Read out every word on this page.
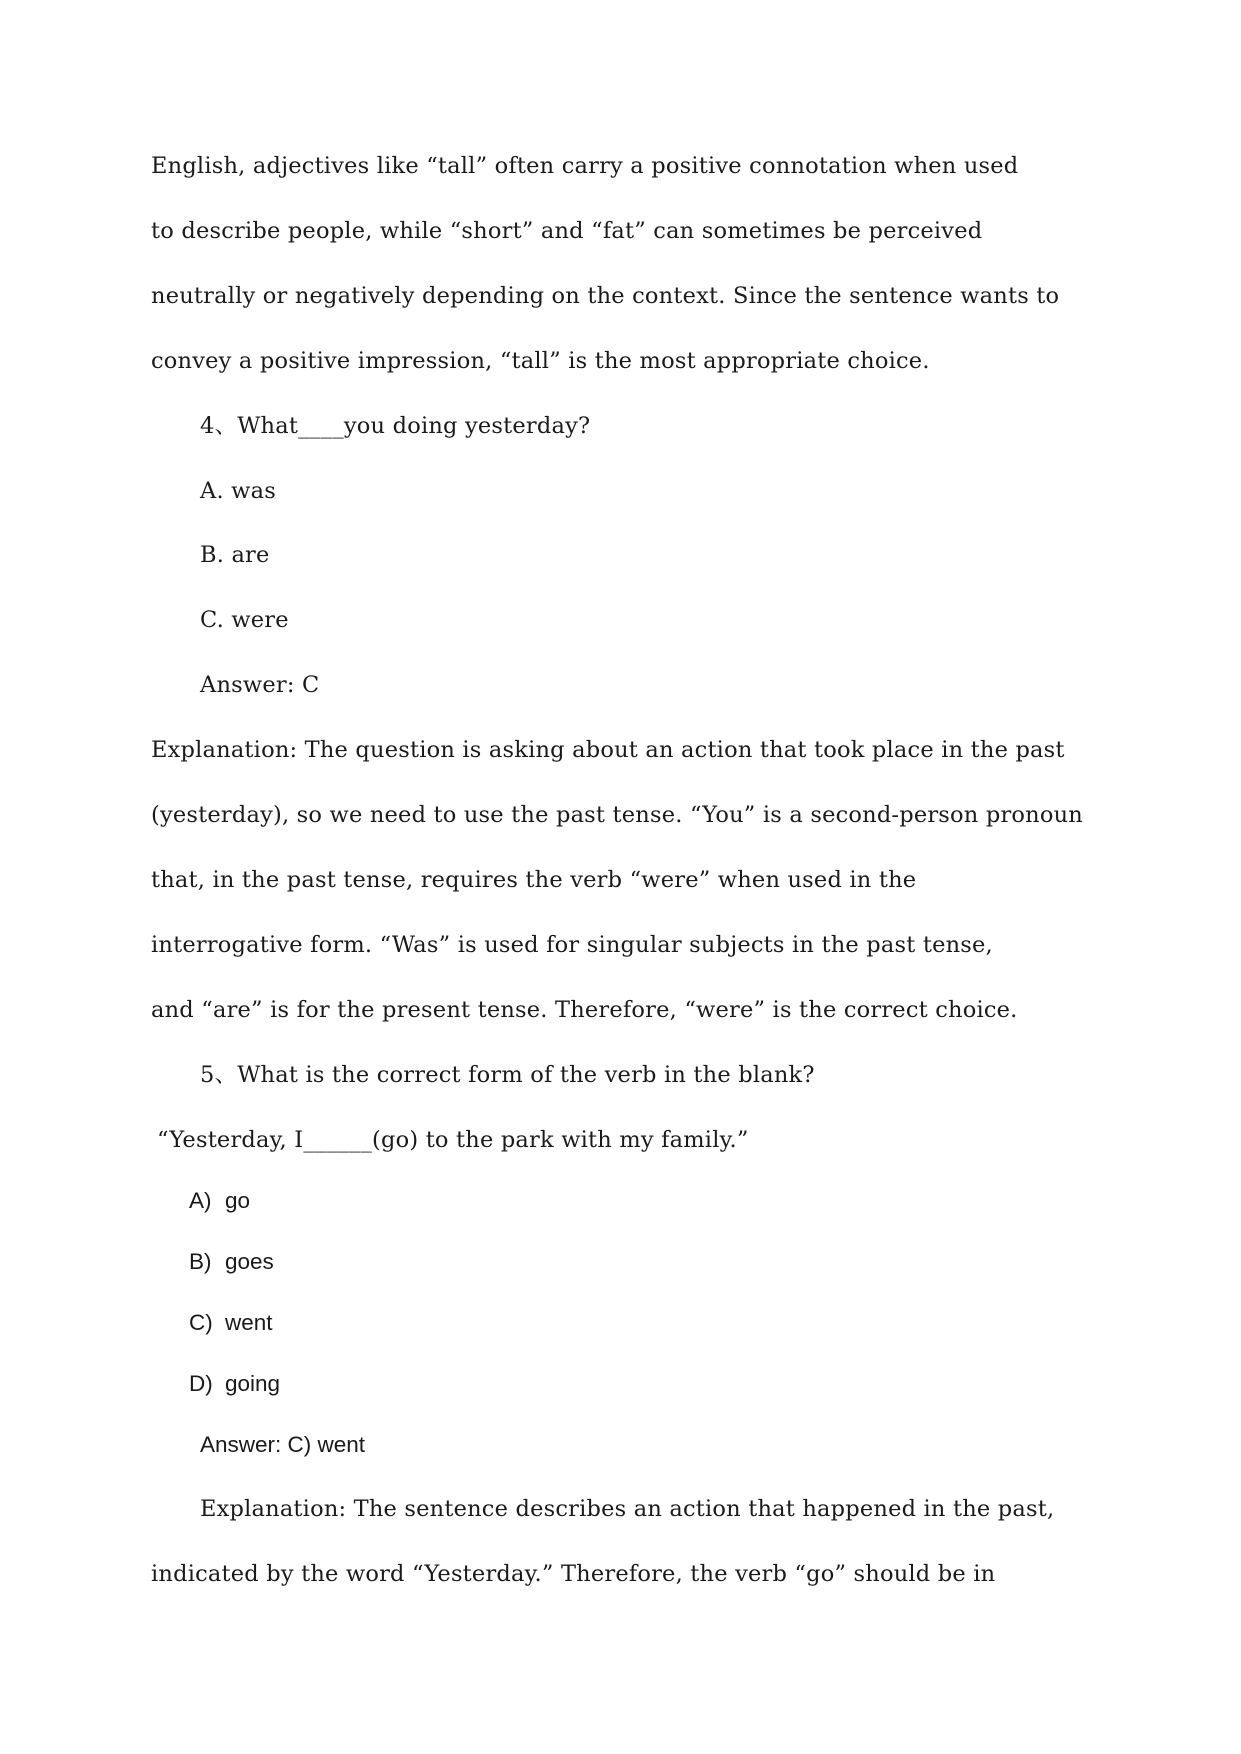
English, adjectives like “tall” often carry a positive connotation when used
to describe people, while “short” and “fat” can sometimes be perceived
neutrally or negatively depending on the context. Since the sentence wants to
convey a positive impression, “tall” is the most appropriate choice.
4、What____you doing yesterday?
A. was
B. are
C. were
Answer: C
Explanation: The question is asking about an action that took place in the past
(yesterday), so we need to use the past tense. “You” is a second-person pronoun
that, in the past tense, requires the verb “were” when used in the
interrogative form. “Was” is used for singular subjects in the past tense,
and “are” is for the present tense. Therefore, “were” is the correct choice.
5、What is the correct form of the verb in the blank?
“Yesterday, I______(go) to the park with my family.”
A) go
B) goes
C) went
D) going
Answer: C) went
Explanation: The sentence describes an action that happened in the past,
indicated by the word “Yesterday.” Therefore, the verb “go” should be in
